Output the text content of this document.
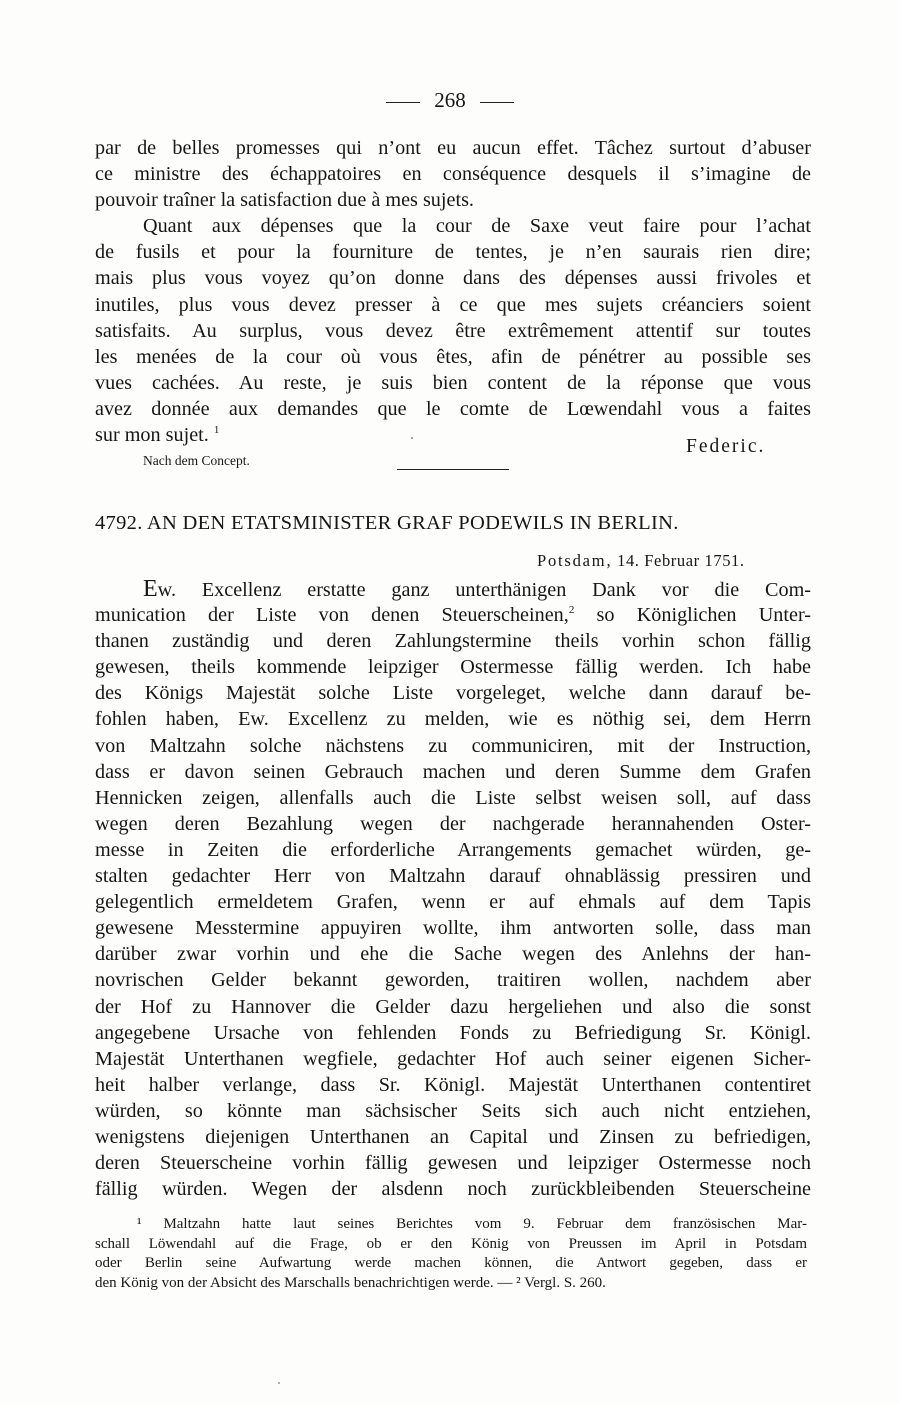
268
par de belles promesses qui n’ont eu aucun effet. Tâchez surtout d’abuser
ce ministre des échappatoires en conséquence desquels il s’imagine de
pouvoir traîner la satisfaction due à mes sujets.
Quant aux dépenses que la cour de Saxe veut faire pour l’achat
de fusils et pour la fourniture de tentes, je n’en saurais rien dire;
mais plus vous voyez qu’on donne dans des dépenses aussi frivoles et
inutiles, plus vous devez presser à ce que mes sujets créanciers soient
satisfaits. Au surplus, vous devez être extrêmement attentif sur toutes
les menées de la cour où vous êtes, afin de pénétrer au possible ses
vues cachées. Au reste, je suis bien content de la réponse que vous
avez donnée aux demandes que le comte de Lœwendahl vous a faites
sur mon sujet. $^1$
Federic.
Nach dem Concept.
4792. AN DEN ETATSMINISTER GRAF PODEWILS IN BERLIN.
Potsdam, 14. Februar 1751.
Ew. Excellenz erstatte ganz unterthänigen Dank vor die Com-
munication der Liste von denen Steuerscheinen,$^2$ so Königlichen Unter-
thanen zuständig und deren Zahlungstermine theils vorhin schon fällig
gewesen, theils kommende leipziger Ostermesse fällig werden. Ich habe
des Königs Majestät solche Liste vorgeleget, welche dann darauf be-
fohlen haben, Ew. Excellenz zu melden, wie es nöthig sei, dem Herrn
von Maltzahn solche nächstens zu communiciren, mit der Instruction,
dass er davon seinen Gebrauch machen und deren Summe dem Grafen
Hennicken zeigen, allenfalls auch die Liste selbst weisen soll, auf dass
wegen deren Bezahlung wegen der nachgerade herannahenden Oster-
messe in Zeiten die erforderliche Arrangements gemachet würden, ge-
stalten gedachter Herr von Maltzahn darauf ohnablässig pressiren und
gelegentlich ermeldetem Grafen, wenn er auf ehmals auf dem Tapis
gewesene Messtermine appuyiren wollte, ihm antworten solle, dass man
darüber zwar vorhin und ehe die Sache wegen des Anlehns der han-
novrischen Gelder bekannt geworden, traitiren wollen, nachdem aber
der Hof zu Hannover die Gelder dazu hergeliehen und also die sonst
angegebene Ursache von fehlenden Fonds zu Befriedigung Sr. Königl.
Majestät Unterthanen wegfiele, gedachter Hof auch seiner eigenen Sicher-
heit halber verlange, dass Sr. Königl. Majestät Unterthanen contentiret
würden, so könnte man sächsischer Seits sich auch nicht entziehen,
wenigstens diejenigen Unterthanen an Capital und Zinsen zu befriedigen,
deren Steuerscheine vorhin fällig gewesen und leipziger Ostermesse noch
fällig würden. Wegen der alsdenn noch zurückbleibenden Steuerscheine
¹ Maltzahn hatte laut seines Berichtes vom 9. Februar dem französischen Mar-
schall Löwendahl auf die Frage, ob er den König von Preussen im April in Potsdam
oder Berlin seine Aufwartung werde machen können, die Antwort gegeben, dass er
den König von der Absicht des Marschalls benachrichtigen werde. — ² Vergl. S. 260.
